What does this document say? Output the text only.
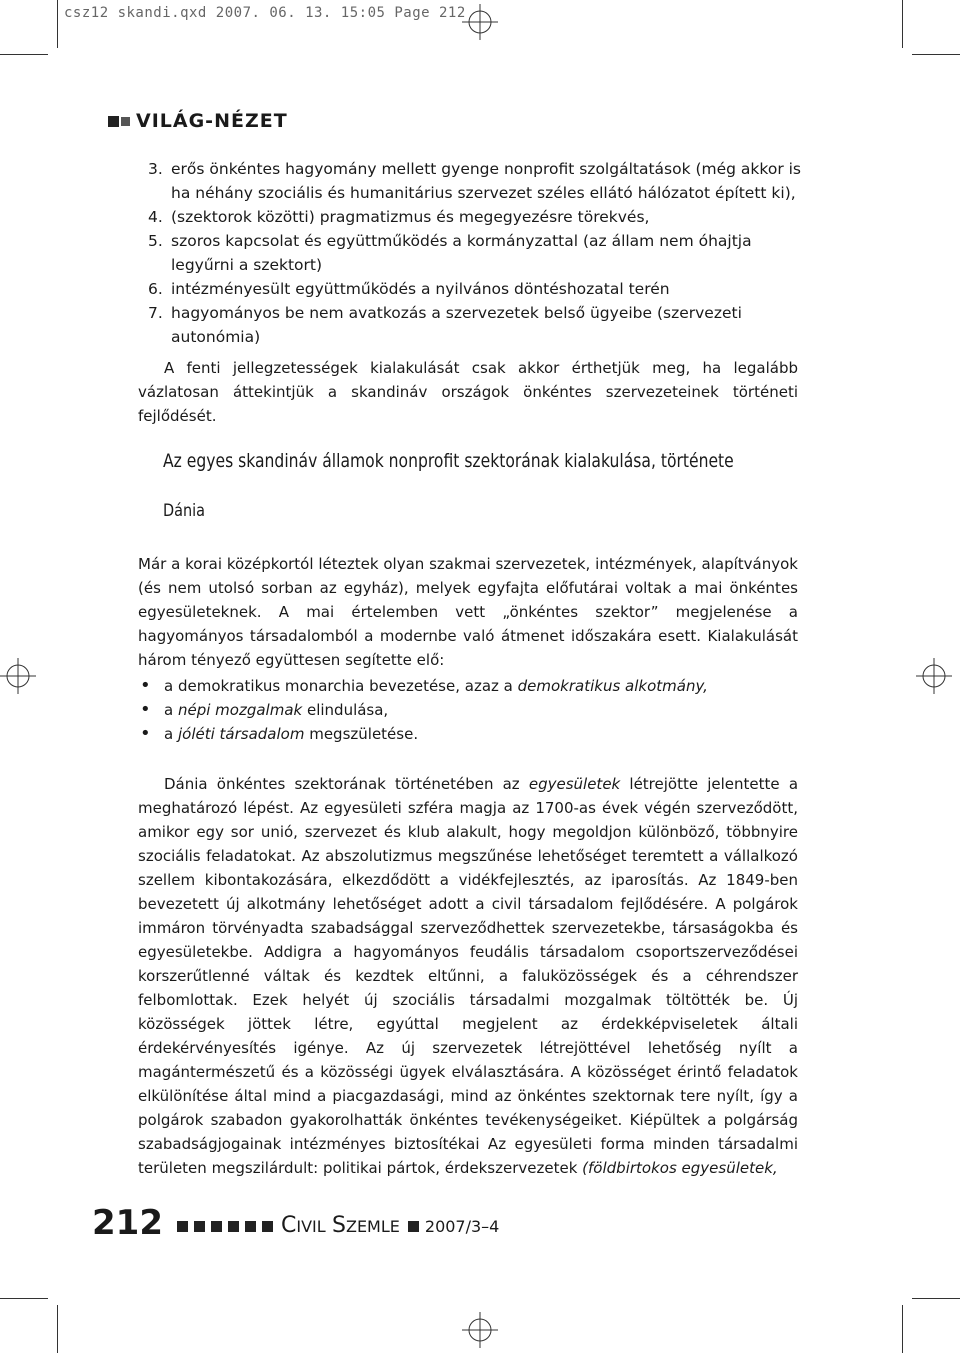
csz12 skandi.qxd 2007. 06. 13. 15:05 Page 212
VILÁG-NÉZET
3. erős önkéntes hagyomány mellett gyenge nonprofit szolgáltatások (még akkor is ha néhány szociális és humanitárius szervezet széles ellátó hálózatot épített ki),
4. (szektorok közötti) pragmatizmus és megegyezésre törekvés,
5. szoros kapcsolat és együttműködés a kormányzattal (az állam nem óhajtja legyűrni a szektort)
6. intézményesült együttműködés a nyilvános döntéshozatal terén
7. hagyományos be nem avatkozás a szervezetek belső ügyeibe (szervezeti autonómia)

A fenti jellegzetességek kialakulását csak akkor érthetjük meg, ha legalább vázlatosan áttekintjük a skandináv országok önkéntes szervezeteinek történeti fejlődését.

Az egyes skandináv államok nonprofit szektorának kialakulása, története
Dánia

Már a korai középkortól léteztek olyan szakmai szervezetek, intézmények, alapítványok (és nem utolsó sorban az egyház), melyek egyfajta előfutárai voltak a mai önkéntes egyesületeknek. A mai értelemben vett „önkéntes szektor” megjelenése a hagyományos társadalomból a modernbe való átmenet időszakára esett. Kialakulását három tényező együttesen segítette elő:

• a demokratikus monarchia bevezetése, azaz a demokratikus alkotmány,
• a népi mozgalmak elindulása,
• a jóléti társadalom megszületése.

Dánia önkéntes szektorának történetében az egyesületek létrejötte jelentette a meghatározó lépést. Az egyesületi szféra magja az 1700-as évek végén szerveződött, amikor egy sor unió, szervezet és klub alakult, hogy megoldjon különböző, többnyire szociális feladatokat. Az abszolutizmus megszűnése lehetőséget teremtett a vállalkozó szellem kibontakozására, elkezdődött a vidékfejlesztés, az iparosítás. Az 1849-ben bevezetett új alkotmány lehetőséget adott a civil társadalom fejlődésére. A polgárok immáron törvényadta szabadsággal szerveződhettek szervezetekbe, társaságokba és egyesületekbe. Addigra a hagyományos feudális társadalom csoportszerveződései korszerűtlenné váltak és kezdtek eltűnni, a faluközösségek és a céhrendszer felbomlottak. Ezek helyét új szociális társadalmi mozgalmak töltötték be. Új közösségek jöttek létre, egyúttal megjelent az érdekképviseletek általi érdekérvényesítés igénye. Az új szervezetek létrejöttével lehetőség nyílt a magántermészetű és a közösségi ügyek elválasztására. A közösséget érintő feladatok elkülönítése által mind a piacgazdasági, mind az önkéntes szektornak tere nyílt, így a polgárok szabadon gyakorolhatták önkéntes tevékenységeiket. Kiépültek a polgárság szabadságjogainak intézményes biztosítékai Az egyesületi forma minden társadalmi területen megszilárdult: politikai pártok, érdekszervezetek (földbirtokos egyesületek,

212	CIVIL SZEMLE 2007/3–4
